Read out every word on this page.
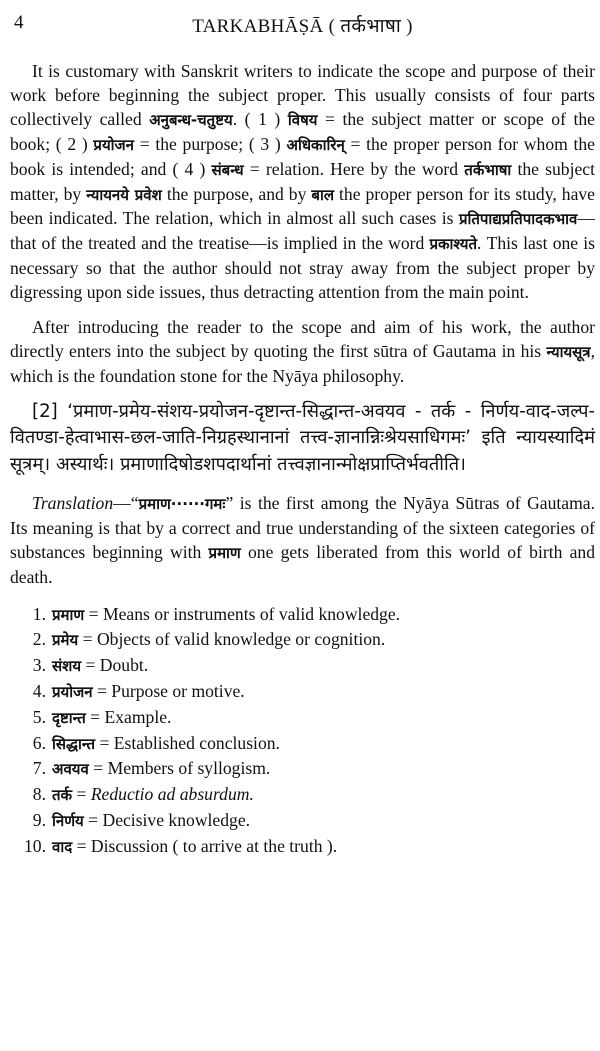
4	TARKABHĀṢĀ ( तर्कभाषा )

It is customary with Sanskrit writers to indicate the scope and purpose of their work before beginning the subject proper. This usually consists of four parts collectively called अनुबन्ध-चतुष्टय. ( 1 ) विषय = the subject matter or scope of the book; ( 2 ) प्रयोजन = the purpose; ( 3 ) अधिकारिन् = the proper person for whom the book is intended; and ( 4 ) संबन्ध = relation. Here by the word तर्कभाषा the subject matter, by न्यायनये प्रवेश the purpose, and by बाल the proper person for its study, have been indicated. The relation, which in almost all such cases is प्रतिपाद्यप्रतिपादकभाव—that of the treated and the treatise—is implied in the word प्रकाश्यते. This last one is necessary so that the author should not stray away from the subject proper by digressing upon side issues, thus detracting attention from the main point.

After introducing the reader to the scope and aim of his work, the author directly enters into the subject by quoting the first sūtra of Gautama in his न्यायसूत्र, which is the foundation stone for the Nyāya philosophy.

[2] ‘प्रमाण-प्रमेय-संशय-प्रयोजन-दृष्टान्त-सिद्धान्त-अवयव - तर्क - निर्णय-वाद-जल्प-वितण्डा-हेत्वाभास-छल-जाति-निग्रहस्थानानां तत्त्व-ज्ञानान्निःश्रेयसाधिगमः’ इति न्यायस्यादिमं सूत्रम्। अस्यार्थः। प्रमाणादिषोडशपदार्थानां तत्त्वज्ञानान्मोक्षप्राप्तिर्भवतीति।

Translation—“प्रमाण······गमः” is the first among the Nyāya Sūtras of Gautama. Its meaning is that by a correct and true understanding of the sixteen categories of substances beginning with प्रमाण one gets liberated from this world of birth and death.

1. प्रमाण = Means or instruments of valid knowledge.
2. प्रमेय = Objects of valid knowledge or cognition.
3. संशय = Doubt.
4. प्रयोजन = Purpose or motive.
5. दृष्टान्त = Example.
6. सिद्धान्त = Established conclusion.
7. अवयव = Members of syllogism.
8. तर्क = Reductio ad absurdum.
9. निर्णय = Decisive knowledge.
10. वाद = Discussion ( to arrive at the truth ).
